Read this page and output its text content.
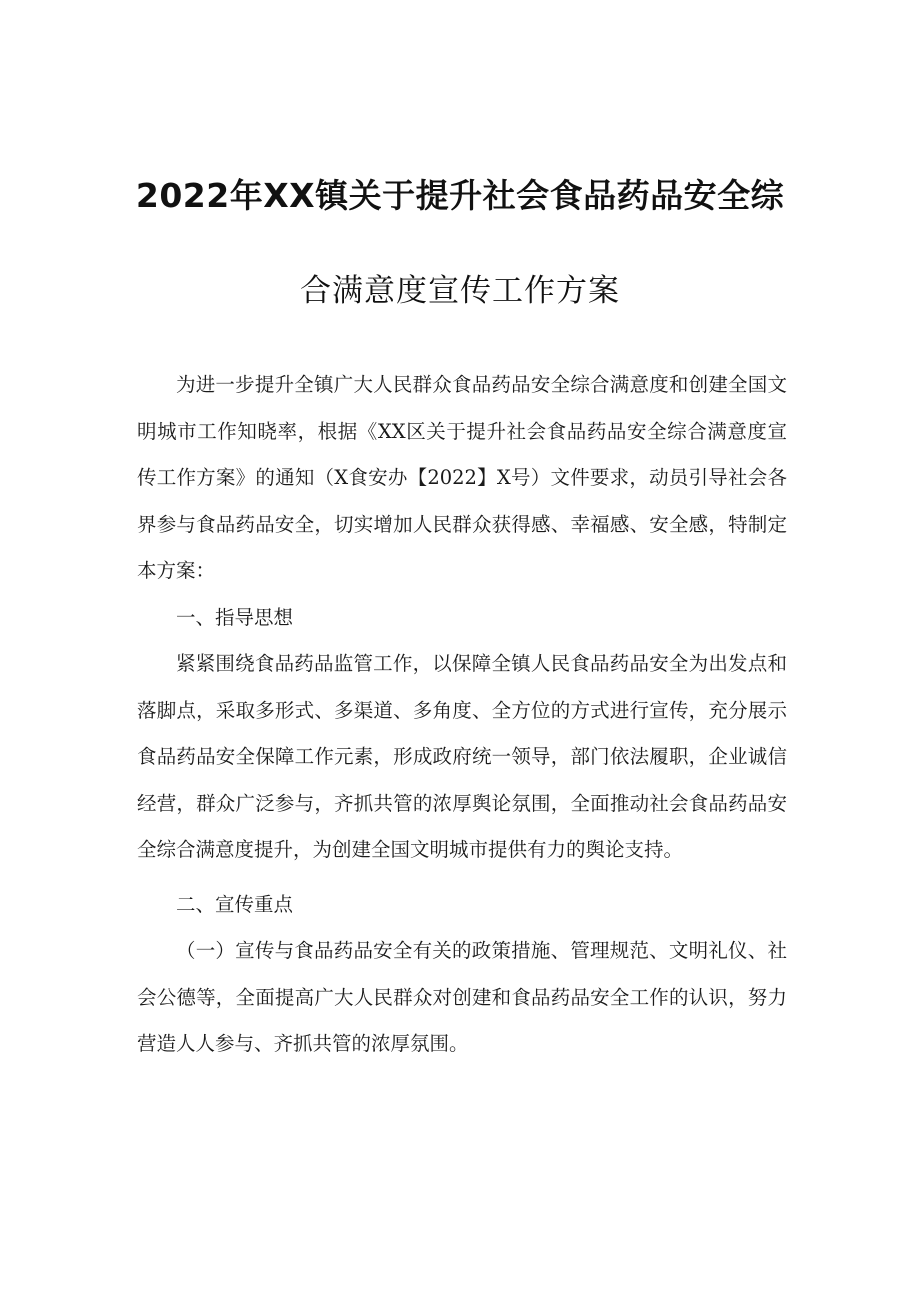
2022年XX镇关于提升社会食品药品安全综
合满意度宣传工作方案

为进一步提升全镇广大人民群众食品药品安全综合满意度和创建全国文明城市工作知晓率，根据《XX区关于提升社会食品药品安全综合满意度宣传工作方案》的通知（X食安办【2022】X号）文件要求，动员引导社会各界参与食品药品安全，切实增加人民群众获得感、幸福感、安全感，特制定本方案：

一、指导思想

紧紧围绕食品药品监管工作，以保障全镇人民食品药品安全为出发点和落脚点，采取多形式、多渠道、多角度、全方位的方式进行宣传，充分展示食品药品安全保障工作元素，形成政府统一领导，部门依法履职，企业诚信经营，群众广泛参与，齐抓共管的浓厚舆论氛围，全面推动社会食品药品安全综合满意度提升，为创建全国文明城市提供有力的舆论支持。

二、宣传重点

（一）宣传与食品药品安全有关的政策措施、管理规范、文明礼仪、社会公德等，全面提高广大人民群众对创建和食品药品安全工作的认识，努力营造人人参与、齐抓共管的浓厚氛围。
